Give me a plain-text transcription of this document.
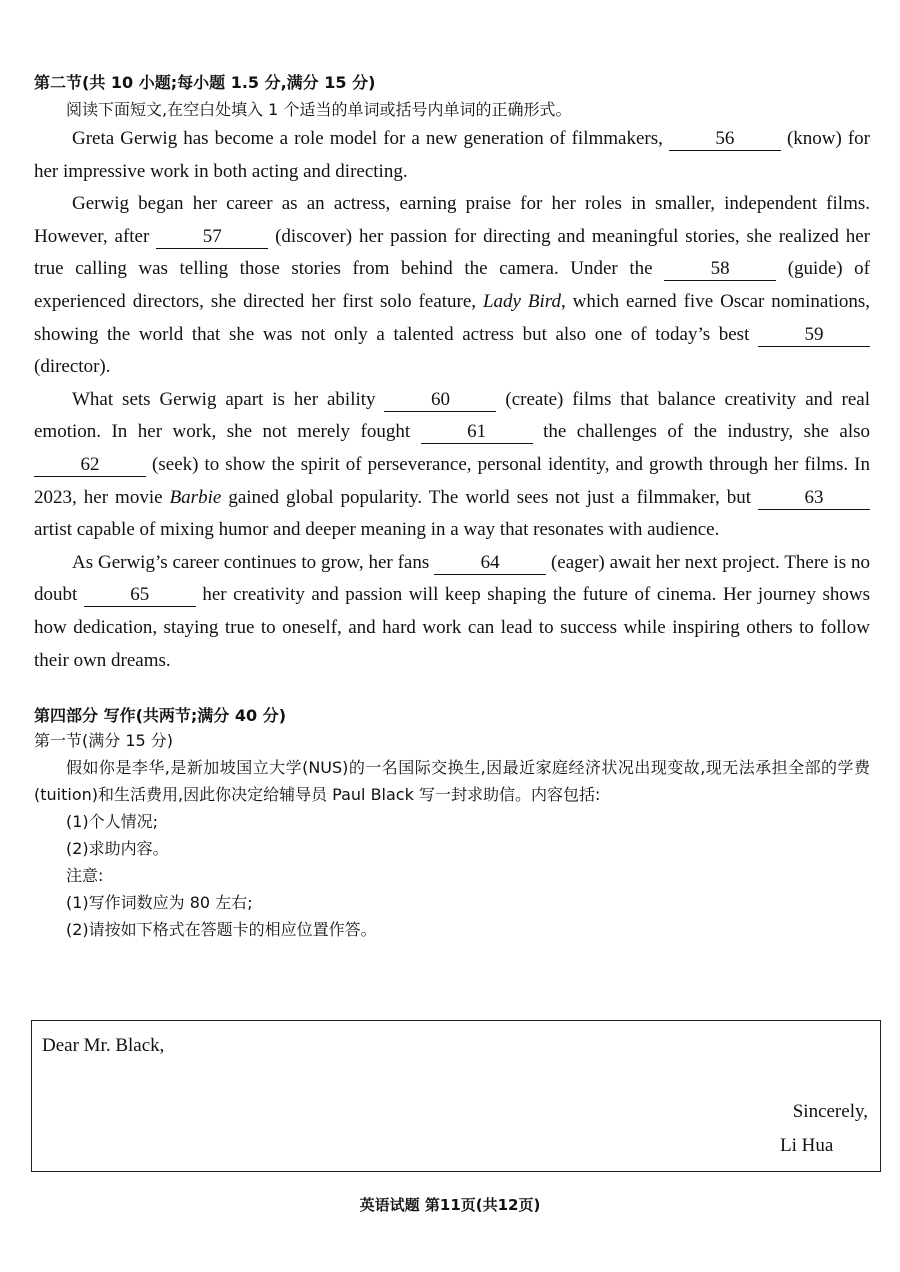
第二节(共 10 小题;每小题 1.5 分,满分 15 分)
阅读下面短文,在空白处填入 1 个适当的单词或括号内单词的正确形式。

Greta Gerwig has become a role model for a new generation of filmmakers,	56	(know) for her impressive work in both acting and directing.

Gerwig began her career as an actress, earning praise for her roles in smaller, independent films. However, after	57	(discover) her passion for directing and meaningful stories, she realized her true calling was telling those stories from behind the camera. Under the	58	(guide) of experienced directors, she directed her first solo feature, Lady Bird, which earned five Oscar nominations, showing the world that she was not only a talented actress but also one of today’s best	59 (director).

What sets Gerwig apart is her ability	60	(create) films that balance creativity and real emotion. In her work, she not merely fought	61	the challenges of the industry, she also 62	(seek) to show the spirit of perseverance, personal identity, and growth through her films. In 2023, her movie Barbie gained global popularity. The world sees not just a filmmaker, but	63 artist capable of mixing humor and deeper meaning in a way that resonates with audience.

As Gerwig’s career continues to grow, her fans	64	(eager) await her next project. There is no doubt	65	her creativity and passion will keep shaping the future of cinema. Her journey shows how dedication, staying true to oneself, and hard work can lead to success while inspiring others to follow their own dreams.

第四部分 写作(共两节;满分 40 分)
第一节(满分 15 分)
假如你是李华,是新加坡国立大学(NUS)的一名国际交换生,因最近家庭经济状况出现变故,现无法承担全部的学费(tuition)和生活费用,因此你决定给辅导员 Paul Black 写一封求助信。内容包括:
(1)个人情况;
(2)求助内容。
注意:
(1)写作词数应为 80 左右;
(2)请按如下格式在答题卡的相应位置作答。
Dear Mr. Black,
Sincerely,
Li Hua
英语试题 第11页(共12页)
